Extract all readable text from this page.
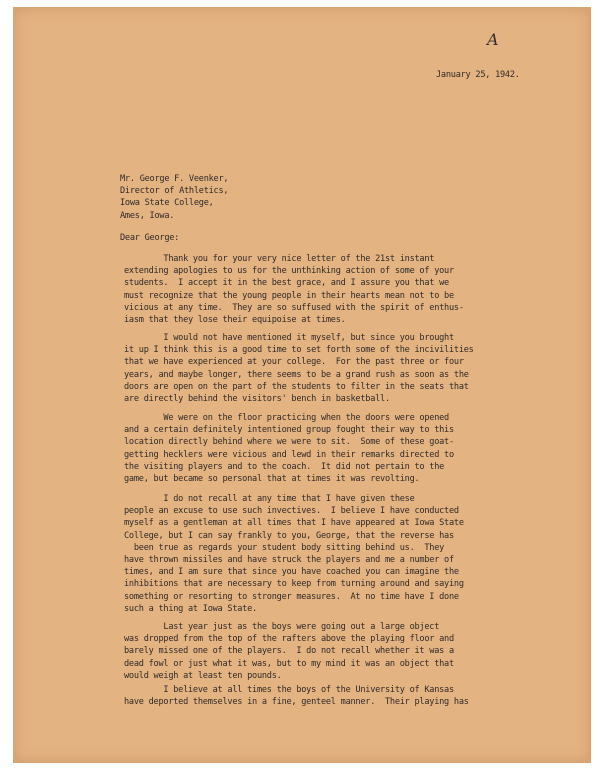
A
January 25, 1942.
Mr. George F. Veenker,
Director of Athletics,
Iowa State College,
Ames, Iowa.
Dear George:
Thank you for your very nice letter of the 21st instant
extending apologies to us for the unthinking action of some of your
students.  I accept it in the best grace, and I assure you that we
must recognize that the young people in their hearts mean not to be
vicious at any time.  They are so suffused with the spirit of enthus-
iasm that they lose their equipoise at times.
I would not have mentioned it myself, but since you brought
it up I think this is a good time to set forth some of the incivilities
that we have experienced at your college.  For the past three or four
years, and maybe longer, there seems to be a grand rush as soon as the
doors are open on the part of the students to filter in the seats that
are directly behind the visitors' bench in basketball.
We were on the floor practicing when the doors were opened
and a certain definitely intentioned group fought their way to this
location directly behind where we were to sit.  Some of these goat-
getting hecklers were vicious and lewd in their remarks directed to
the visiting players and to the coach.  It did not pertain to the
game, but became so personal that at times it was revolting.
I do not recall at any time that I have given these
people an excuse to use such invectives.  I believe I have conducted
myself as a gentleman at all times that I have appeared at Iowa State
College, but I can say frankly to you, George, that the reverse has
been true as regards your student body sitting behind us.  They
have thrown missiles and have struck the players and me a number of
times, and I am sure that since you have coached you can imagine the
inhibitions that are necessary to keep from turning around and saying
something or resorting to stronger measures.  At no time have I done
such a thing at Iowa State.
Last year just as the boys were going out a large object
was dropped from the top of the rafters above the playing floor and
barely missed one of the players.  I do not recall whether it was a
dead fowl or just what it was, but to my mind it was an object that
would weigh at least ten pounds.
I believe at all times the boys of the University of Kansas
have deported themselves in a fine, genteel manner.  Their playing has
